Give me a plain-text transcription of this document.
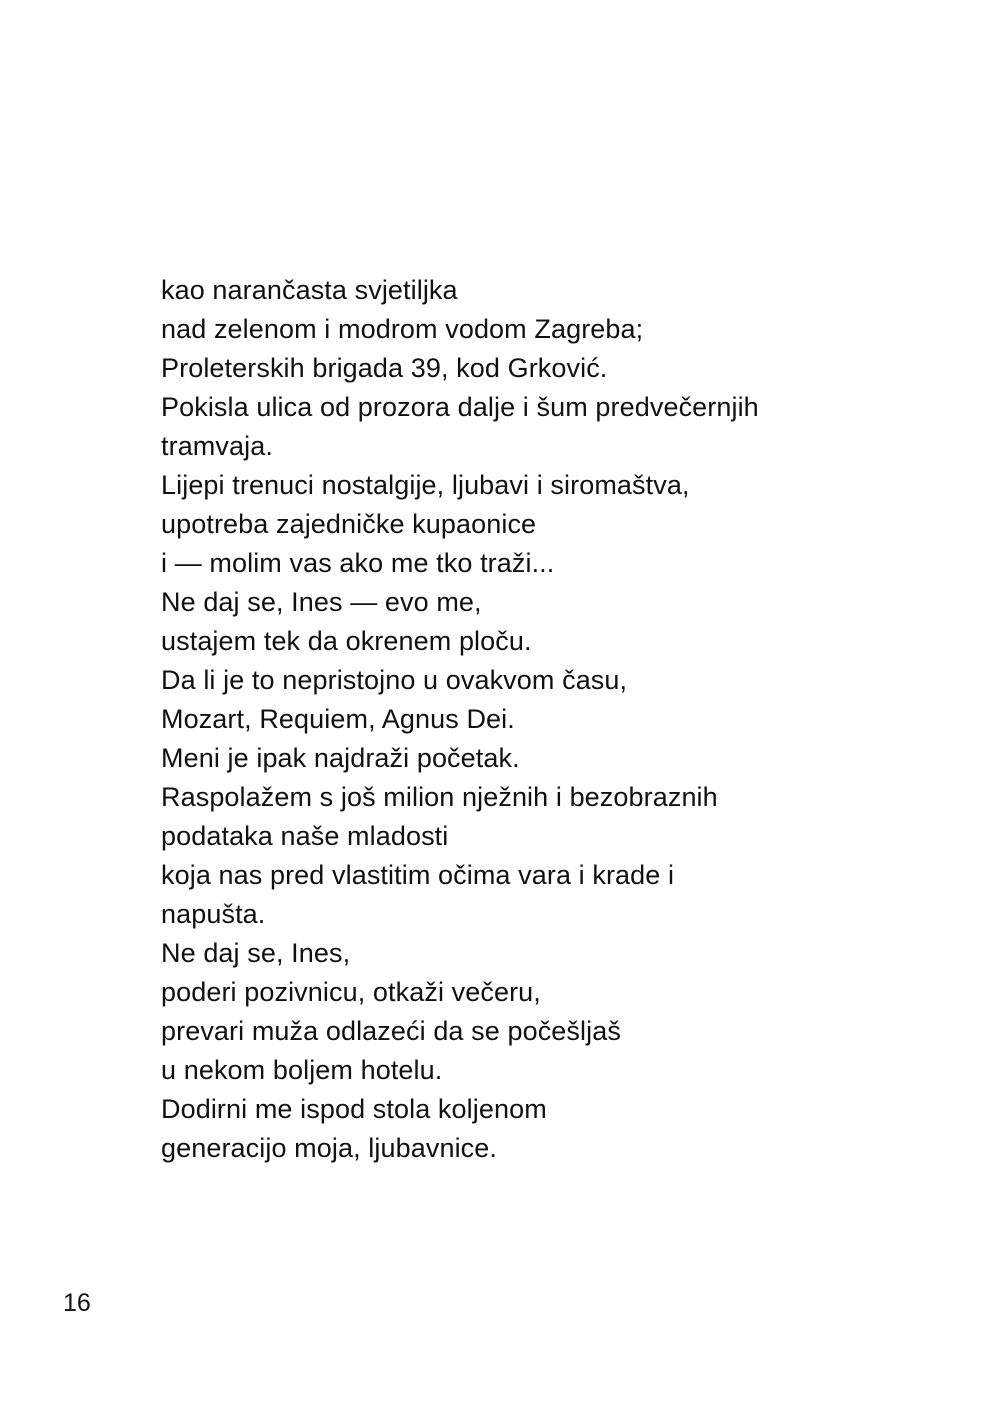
kao narančasta svjetiljka
nad zelenom i modrom vodom Zagreba;
Proleterskih brigada 39, kod Grković.
Pokisla ulica od prozora dalje i šum predvečernjih
tramvaja.
Lijepi trenuci nostalgije, ljubavi i siromaštva,
upotreba zajedničke kupaonice
i — molim vas ako me tko traži...
Ne daj se, Ines — evo me,
ustajem tek da okrenem ploču.
Da li je to nepristojno u ovakvom času,
Mozart, Requiem, Agnus Dei.
Meni je ipak najdraži početak.
Raspolažem s još milion nježnih i bezobraznih
podataka naše mladosti
koja nas pred vlastitim očima vara i krade i
napušta.
Ne daj se, Ines,
poderi pozivnicu, otkaži večeru,
prevari muža odlazeći da se počešljaš
u nekom boljem hotelu.
Dodirni me ispod stola koljenom
generacijo moja, ljubavnice.
16
